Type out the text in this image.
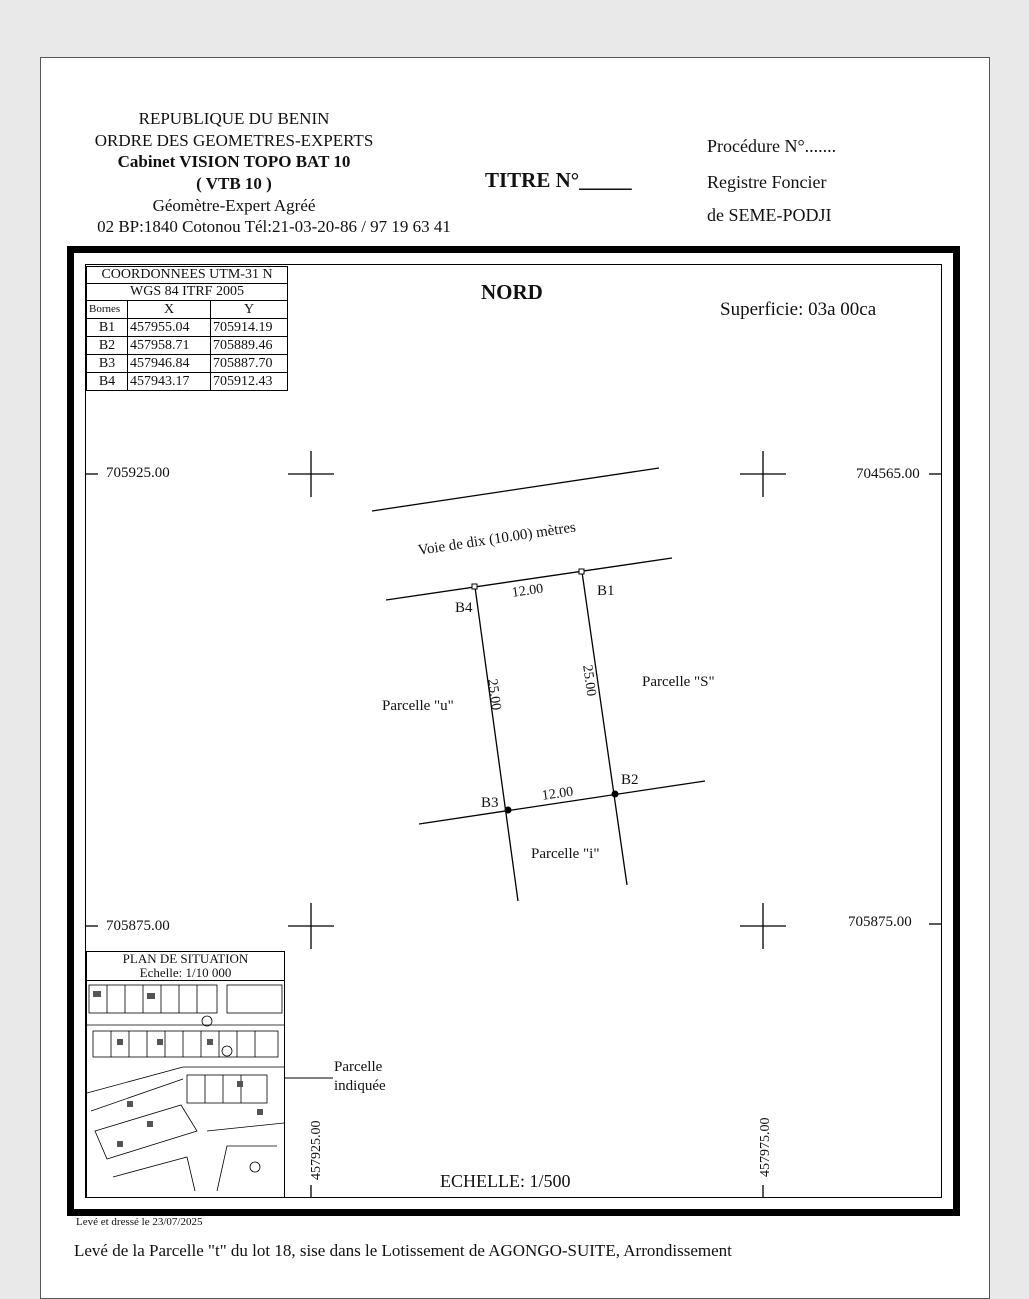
REPUBLIQUE DU BENIN
ORDRE DES GEOMETRES-EXPERTS
Cabinet VISION TOPO BAT 10
( VTB 10 )
Géomètre-Expert Agréé
02 BP:1840 Cotonou Tél:21-03-20-86 / 97 19 63 41
TITRE N°_____
Procédure N°.......
Registre Foncier
de SEME-PODJI
COORDONNEES UTM-31 N		
WGS 84 ITRF 2005		
Bornes	X	Y
B1	457955.04	705914.19
B2	457958.71	705889.46
B3	457946.84	705887.70
B4	457943.17	705912.43
NORD
Superficie: 03a 00ca
705925.00	704565.00
705875.00	705875.00
457925.00	457975.00
Voie de dix (10.00) mètres
B4
B1
B3
B2
12.00
12.00
25.00	25.00
Parcelle "u"
Parcelle "S"
Parcelle "i"
PLAN DE SITUATION
Echelle: 1/10 000
Parcelle
indiquée
ECHELLE: 1/500
Levé et dressé le 23/07/2025
Levé de la Parcelle "t" du lot 18, sise dans le Lotissement de AGONGO-SUITE, Arrondissement
